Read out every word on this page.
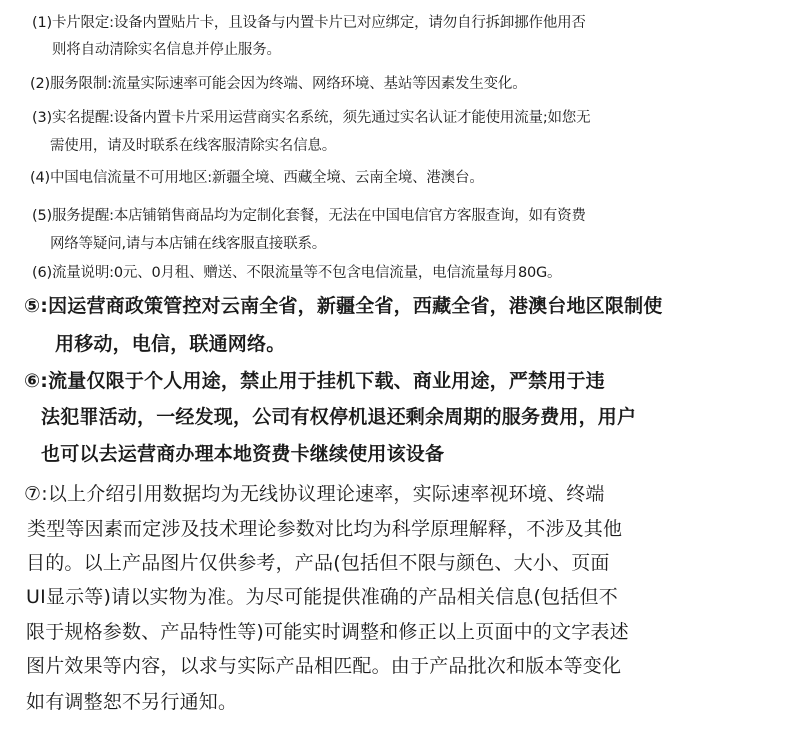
(1)卡片限定:设备内置贴片卡，且设备与内置卡片已对应绑定，请勿自行拆卸挪作他用否
则将自动清除实名信息并停止服务。
(2)服务限制:流量实际速率可能会因为终端、网络环境、基站等因素发生变化。
(3)实名提醒:设备内置卡片采用运营商实名系统，须先通过实名认证才能使用流量;如您无
需使用，请及时联系在线客服清除实名信息。
(4)中国电信流量不可用地区:新疆全境、西藏全境、云南全境、港澳台。
(5)服务提醒:本店铺销售商品均为定制化套餐，无法在中国电信官方客服查询，如有资费
网络等疑问,请与本店铺在线客服直接联系。
(6)流量说明:0元、0月租、赠送、不限流量等不包含电信流量，电信流量每月80G。
⑤:因运营商政策管控对云南全省，新疆全省，西藏全省，港澳台地区限制使
用移动，电信，联通网络。
⑥:流量仅限于个人用途，禁止用于挂机下载、商业用途，严禁用于违
法犯罪活动，一经发现，公司有权停机退还剩余周期的服务费用，用户
也可以去运营商办理本地资费卡继续使用该设备
⑦:以上介绍引用数据均为无线协议理论速率，实际速率视环境、终端
类型等因素而定涉及技术理论参数对比均为科学原理解释，不涉及其他
目的。以上产品图片仅供参考，产品(包括但不限与颜色、大小、页面
UI显示等)请以实物为准。为尽可能提供准确的产品相关信息(包括但不
限于规格参数、产品特性等)可能实时调整和修正以上页面中的文字表述
图片效果等内容，以求与实际产品相匹配。由于产品批次和版本等变化
如有调整恕不另行通知。
